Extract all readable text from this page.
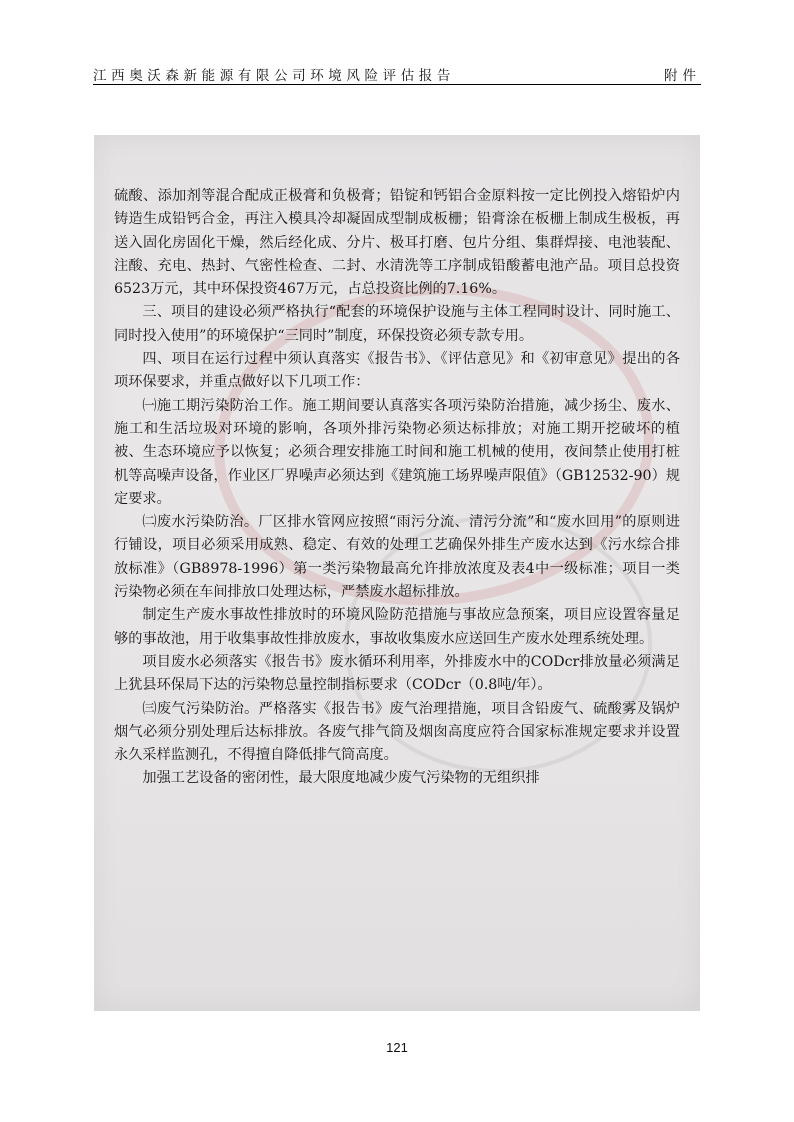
江西奥沃森新能源有限公司环境风险评估报告	附件

硫酸、添加剂等混合配成正极膏和负极膏；铅锭和钙铝合金原料按一定比例投入熔铅炉内铸造生成铅钙合金，再注入模具冷却凝固成型制成板栅；铅膏涂在板栅上制成生极板，再送入固化房固化干燥，然后经化成、分片、极耳打磨、包片分组、集群焊接、电池装配、注酸、充电、热封、气密性检查、二封、水清洗等工序制成铅酸蓄电池产品。项目总投资6523万元，其中环保投资467万元，占总投资比例的7.16%。

三、项目的建设必须严格执行“配套的环境保护设施与主体工程同时设计、同时施工、同时投入使用”的环境保护“三同时”制度，环保投资必须专款专用。

四、项目在运行过程中须认真落实《报告书》、《评估意见》和《初审意见》提出的各项环保要求，并重点做好以下几项工作：

㈠施工期污染防治工作。施工期间要认真落实各项污染防治措施，减少扬尘、废水、施工和生活垃圾对环境的影响，各项外排污染物必须达标排放；对施工期开挖破坏的植被、生态环境应予以恢复；必须合理安排施工时间和施工机械的使用，夜间禁止使用打桩机等高噪声设备，作业区厂界噪声必须达到《建筑施工场界噪声限值》（GB12532-90）规定要求。

㈡废水污染防治。厂区排水管网应按照“雨污分流、清污分流”和“废水回用”的原则进行铺设，项目必须采用成熟、稳定、有效的处理工艺确保外排生产废水达到《污水综合排放标准》（GB8978-1996）第一类污染物最高允许排放浓度及表4中一级标准；项目一类污染物必须在车间排放口处理达标，严禁废水超标排放。

制定生产废水事故性排放时的环境风险防范措施与事故应急预案，项目应设置容量足够的事故池，用于收集事故性排放废水，事故收集废水应送回生产废水处理系统处理。

项目废水必须落实《报告书》废水循环利用率，外排废水中的CODcr排放量必须满足上犹县环保局下达的污染物总量控制指标要求（CODcr（0.8吨/年）。

㈢废气污染防治。严格落实《报告书》废气治理措施，项目含铅废气、硫酸雾及锅炉烟气必须分别处理后达标排放。各废气排气筒及烟囱高度应符合国家标准规定要求并设置永久采样监测孔，不得擅自降低排气筒高度。

加强工艺设备的密闭性，最大限度地减少废气污染物的无组织排

121
